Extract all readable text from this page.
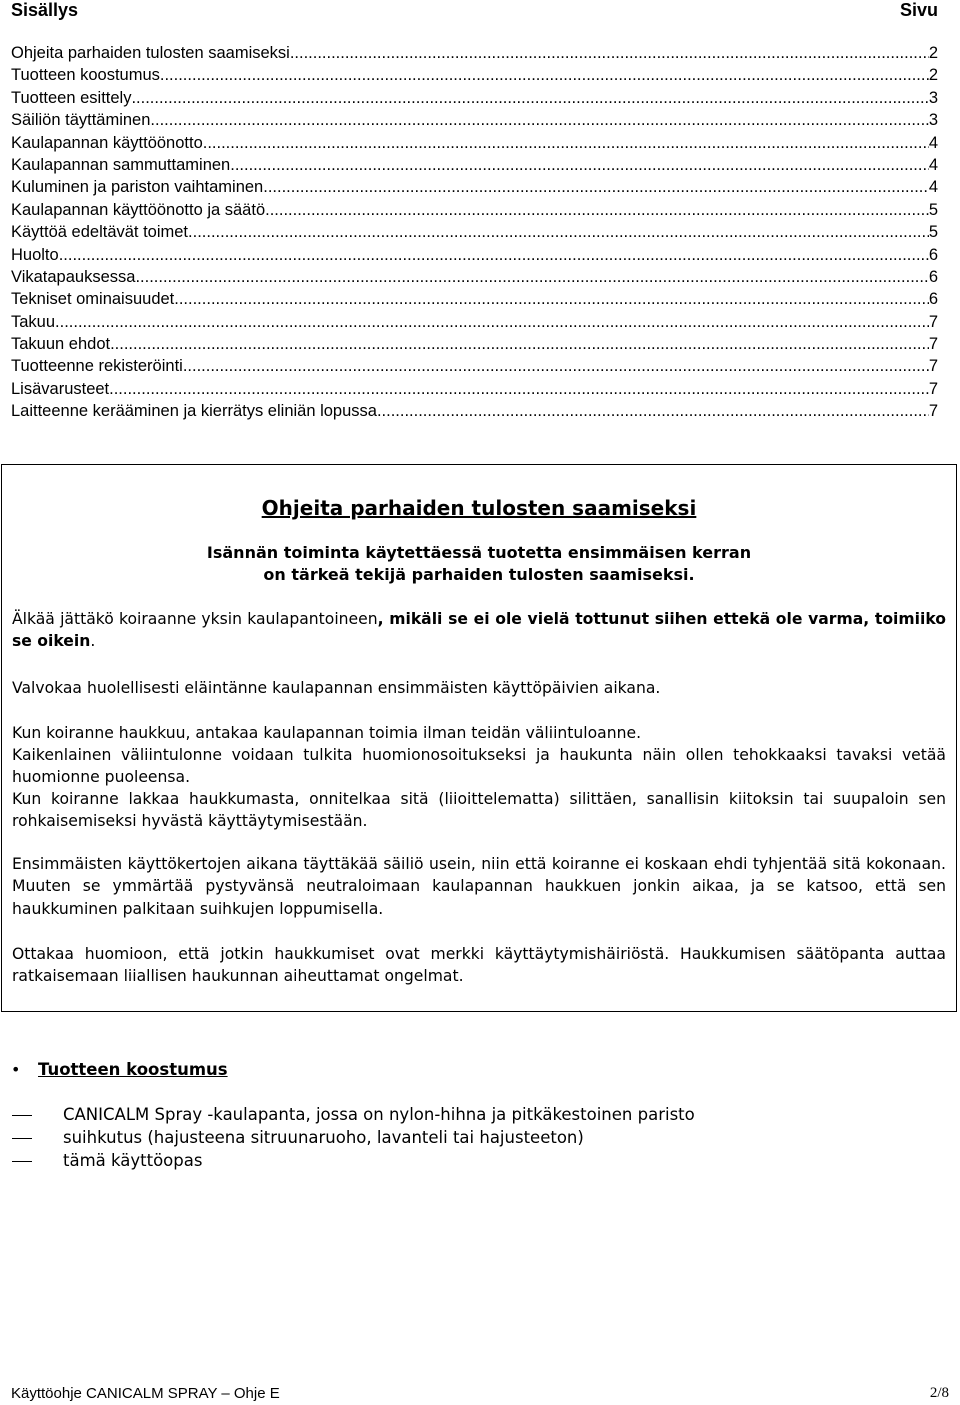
Sisällys	Sivu
Ohjeita parhaiden tulosten saamiseksi .....	2
Tuotteen koostumus .....	2
Tuotteen esittely .....	3
Säiliön täyttäminen .....	3
Kaulapannan käyttöönotto .....	4
Kaulapannan sammuttaminen .....	4
Kuluminen ja pariston vaihtaminen .....	4
Kaulapannan käyttöönotto ja säätö .....	5
Käyttöä edeltävät toimet .....	5
Huolto .....	6
Vikatapauksessa .....	6
Tekniset ominaisuudet .....	6
Takuu .....	7
Takuun ehdot .....	7
Tuotteenne rekisteröinti .....	7
Lisävarusteet .....	7
Laitteenne kerääminen ja kierrätys eliniän lopussa .....	7
Ohjeita parhaiden tulosten saamiseksi
Isännän toiminta käytettäessä tuotetta ensimmäisen kerran
on tärkeä tekijä parhaiden tulosten saamiseksi.
Älkää jättäkö koiraanne yksin kaulapantoineen, mikäli se ei ole vielä tottunut siihen ettekä ole varma, toimiiko se oikein.
Valvokaa huolellisesti eläintänne kaulapannan ensimmäisten käyttöpäivien aikana.
Kun koiranne haukkuu, antakaa kaulapannan toimia ilman teidän väliintuloanne.
Kaikenlainen väliintulonne voidaan tulkita huomionosoitukseksi ja haukunta näin ollen tehokkaaksi tavaksi vetää huomionne puoleensa.
Kun koiranne lakkaa haukkumasta, onnitelkaa sitä (liioittelematta) silittäen, sanallisin kiitoksin tai suupaloin sen rohkaisemiseksi hyvästä käyttäytymisestään.
Ensimmäisten käyttökertojen aikana täyttäkää säiliö usein, niin että koiranne ei koskaan ehdi tyhjentää sitä kokonaan. Muuten se ymmärtää pystyvänsä neutraloimaan kaulapannan haukkuen jonkin aikaa, ja se katsoo, että sen haukkuminen palkitaan suihkujen loppumisella.
Ottakaa huomioon, että jotkin haukkumiset ovat merkki käyttäytymishäiriöstä. Haukkumisen säätöpanta auttaa ratkaisemaan liiallisen haukunnan aiheuttamat ongelmat.
• Tuotteen koostumus
CANICALM Spray -kaulapanta, jossa on nylon-hihna ja pitkäkestoinen paristo
suihkutus (hajusteena sitruunaruoho, lavanteli tai hajusteeton)
tämä käyttöopas
Käyttöohje CANICALM SPRAY – Ohje E	2/8
